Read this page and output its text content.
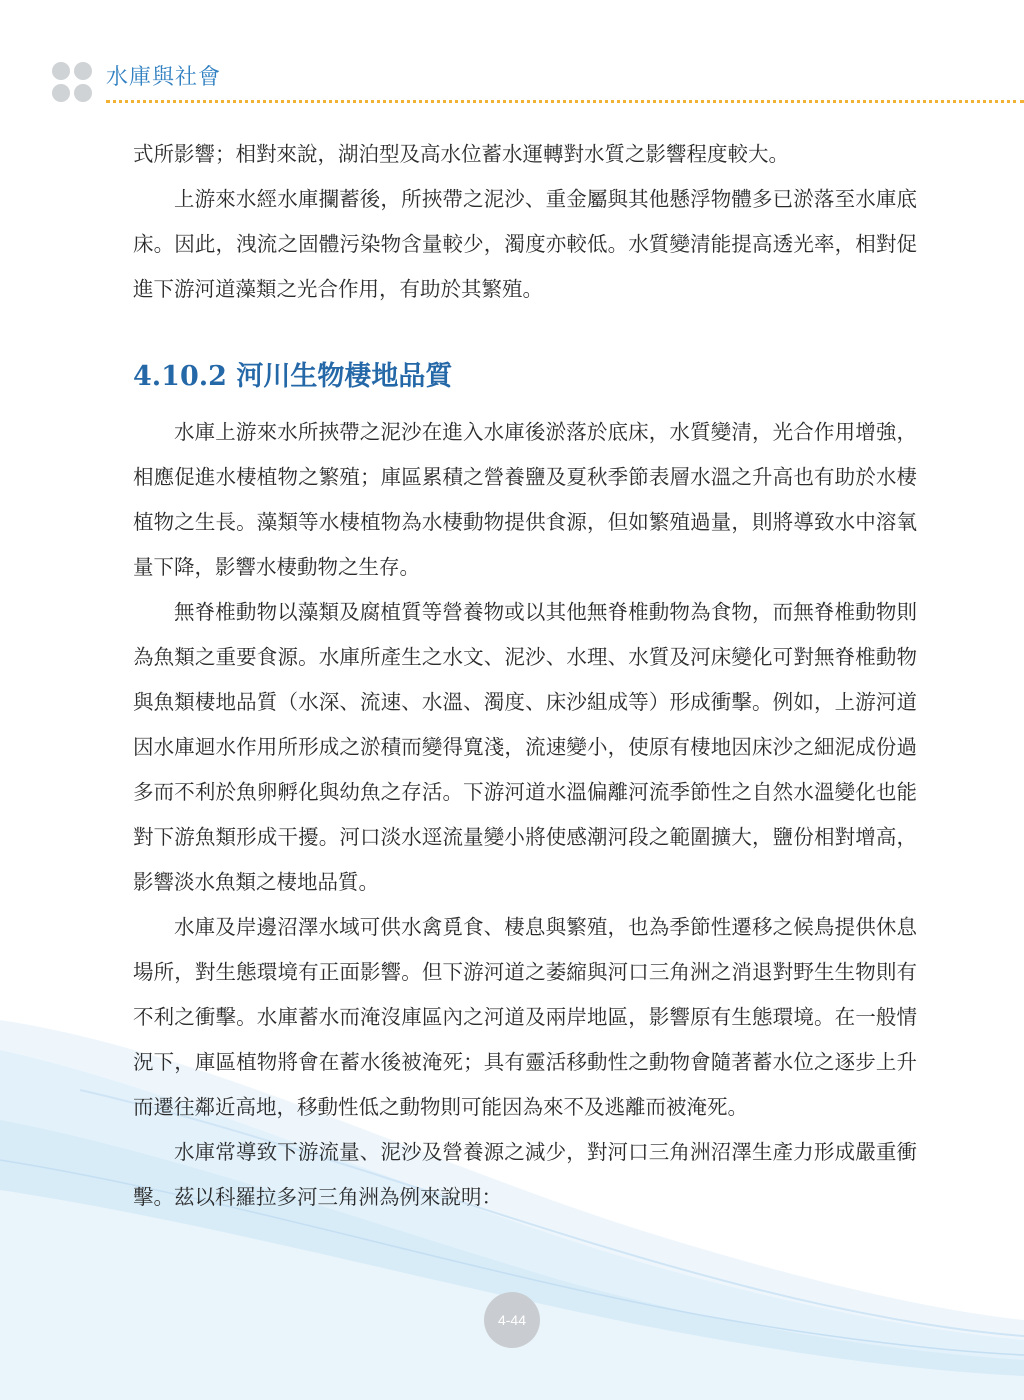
水庫與社會

式所影響；相對來說，湖泊型及高水位蓄水運轉對水質之影響程度較大。

上游來水經水庫攔蓄後，所挾帶之泥沙、重金屬與其他懸浮物體多已淤落至水庫底床。因此，洩流之固體污染物含量較少，濁度亦較低。水質變清能提高透光率，相對促進下游河道藻類之光合作用，有助於其繁殖。

4.10.2 河川生物棲地品質

水庫上游來水所挾帶之泥沙在進入水庫後淤落於底床，水質變清，光合作用增強，相應促進水棲植物之繁殖；庫區累積之營養鹽及夏秋季節表層水溫之升高也有助於水棲植物之生長。藻類等水棲植物為水棲動物提供食源，但如繁殖過量，則將導致水中溶氧量下降，影響水棲動物之生存。

無脊椎動物以藻類及腐植質等營養物或以其他無脊椎動物為食物，而無脊椎動物則為魚類之重要食源。水庫所產生之水文、泥沙、水理、水質及河床變化可對無脊椎動物與魚類棲地品質（水深、流速、水溫、濁度、床沙組成等）形成衝擊。例如，上游河道因水庫迴水作用所形成之淤積而變得寬淺，流速變小，使原有棲地因床沙之細泥成份過多而不利於魚卵孵化與幼魚之存活。下游河道水溫偏離河流季節性之自然水溫變化也能對下游魚類形成干擾。河口淡水逕流量變小將使感潮河段之範圍擴大，鹽份相對增高，影響淡水魚類之棲地品質。

水庫及岸邊沼澤水域可供水禽覓食、棲息與繁殖，也為季節性遷移之候鳥提供休息場所，對生態環境有正面影響。但下游河道之萎縮與河口三角洲之消退對野生生物則有不利之衝擊。水庫蓄水而淹沒庫區內之河道及兩岸地區，影響原有生態環境。在一般情況下，庫區植物將會在蓄水後被淹死；具有靈活移動性之動物會隨著蓄水位之逐步上升而遷往鄰近高地，移動性低之動物則可能因為來不及逃離而被淹死。

水庫常導致下游流量、泥沙及營養源之減少，對河口三角洲沼澤生產力形成嚴重衝擊。茲以科羅拉多河三角洲為例來說明：

4-44
